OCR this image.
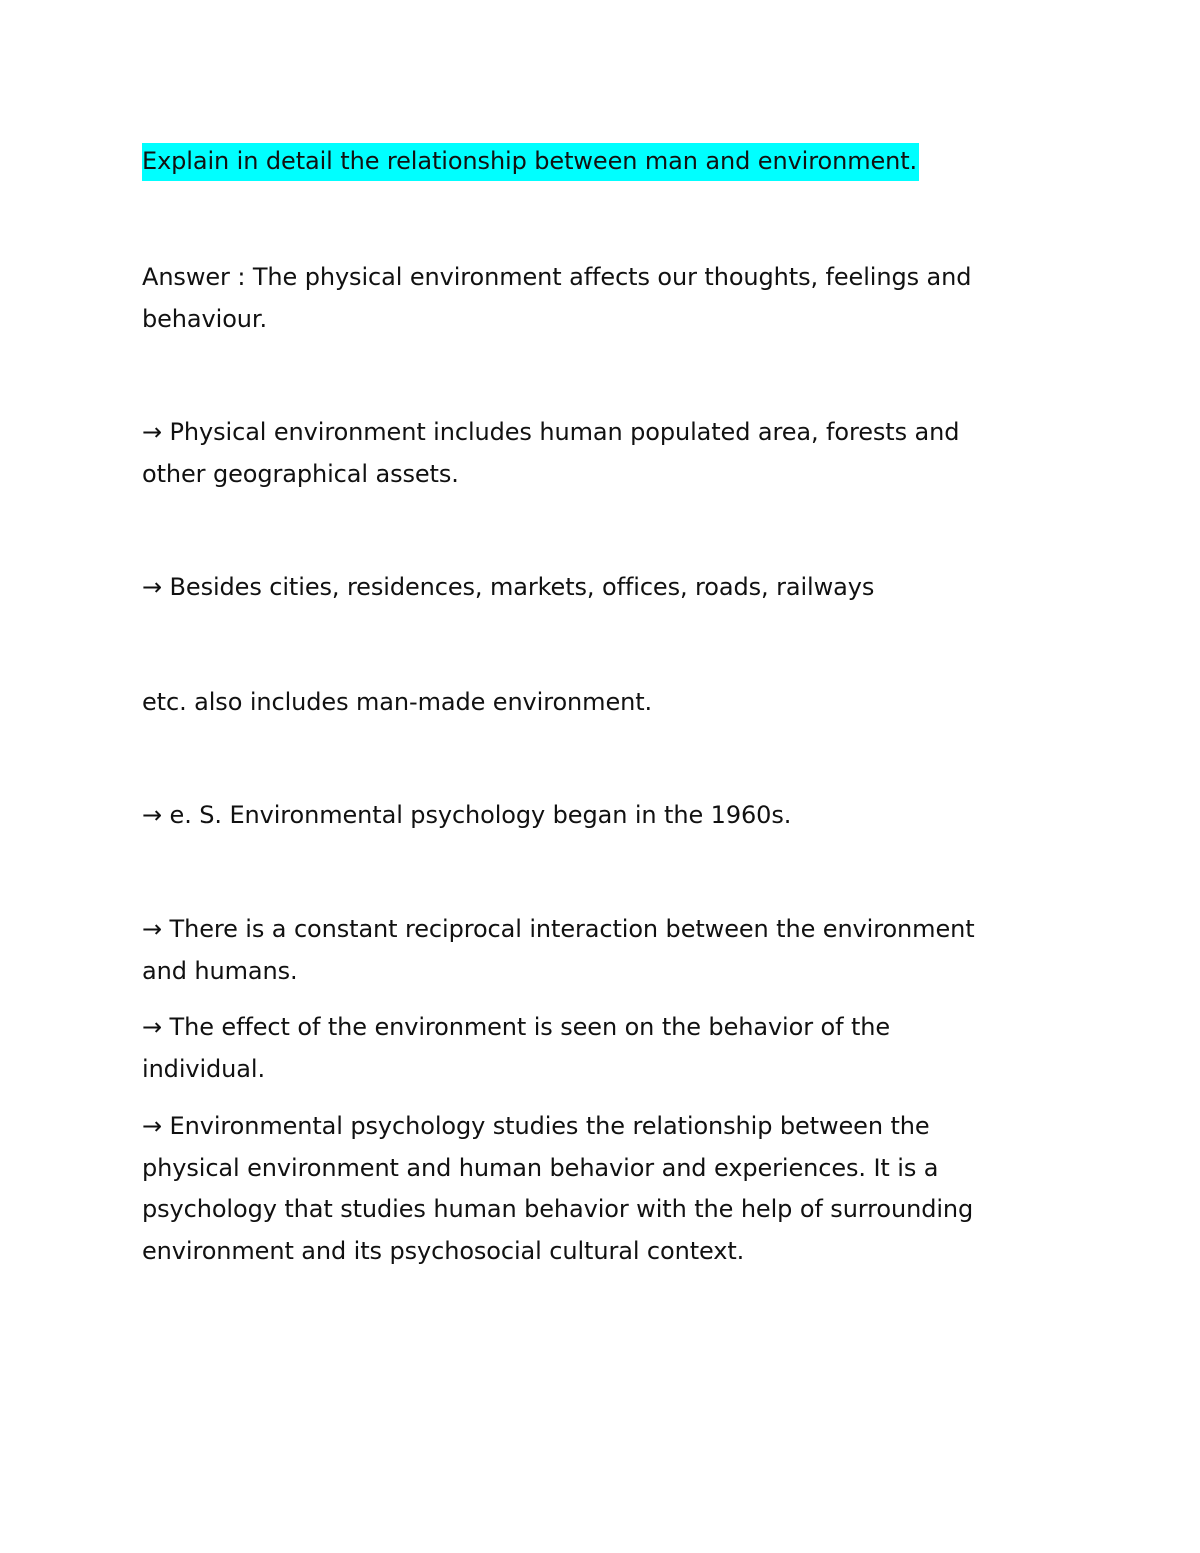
Explain in detail the relationship between man and environment.
Answer : The physical environment affects our thoughts, feelings and
behaviour.
→ Physical environment includes human populated area, forests and
other geographical assets.
→ Besides cities, residences, markets, offices, roads, railways
etc. also includes man-made environment.
→ e. S. Environmental psychology began in the 1960s.
→ There is a constant reciprocal interaction between the environment
and humans.
→ The effect of the environment is seen on the behavior of the
individual.
→ Environmental psychology studies the relationship between the
physical environment and human behavior and experiences. It is a
psychology that studies human behavior with the help of surrounding
environment and its psychosocial cultural context.
